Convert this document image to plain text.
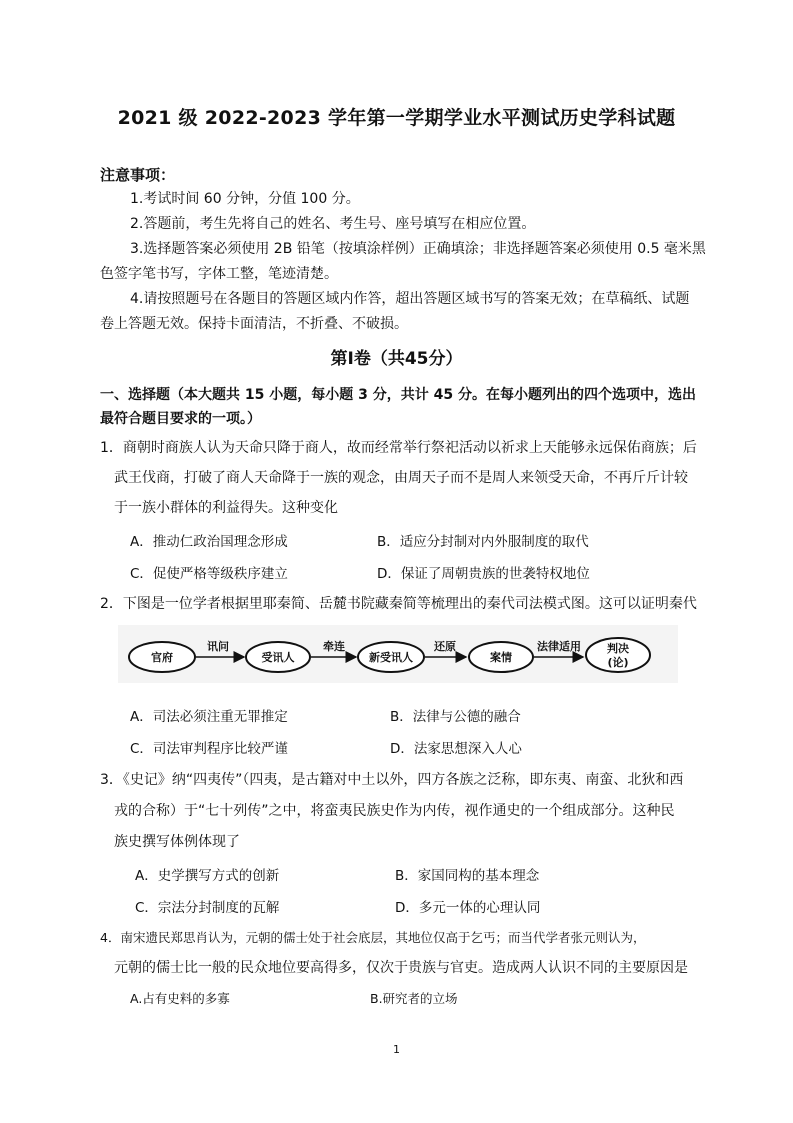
2021 级 2022-2023 学年第一学期学业水平测试历史学科试题
注意事项：
1.考试时间 60 分钟，分值 100 分。
2.答题前，考生先将自己的姓名、考生号、座号填写在相应位置。
3.选择题答案必须使用 2B 铅笔（按填涂样例）正确填涂；非选择题答案必须使用 0.5 毫米黑
色签字笔书写，字体工整，笔迹清楚。
4.请按照题号在各题目的答题区域内作答，超出答题区域书写的答案无效；在草稿纸、试题
卷上答题无效。保持卡面清洁，不折叠、不破损。
第Ⅰ卷（共45分）
一、选择题（本大题共 15 小题，每小题 3 分，共计 45 分。在每小题列出的四个选项中，选出
最符合题目要求的一项。）
1．商朝时商族人认为天命只降于商人，故而经常举行祭祀活动以祈求上天能够永远保佑商族；后
武王伐商，打破了商人天命降于一族的观念，由周天子而不是周人来领受天命，不再斤斤计较
于一族小群体的利益得失。这种变化
A．推动仁政治国理念形成	B．适应分封制对内外服制度的取代
C．促使严格等级秩序建立	D．保证了周朝贵族的世袭特权地位
2．下图是一位学者根据里耶秦简、岳麓书院藏秦简等梳理出的秦代司法模式图。这可以证明秦代
官府
讯问
受讯人
牵连
新受讯人
还原
案情
法律适用 判决
(论)
A．司法必须注重无罪推定	B．法律与公德的融合
C．司法审判程序比较严谨	D．法家思想深入人心
3．《史记》纳“四夷传”（四夷，是古籍对中土以外，四方各族之泛称，即东夷、南蛮、北狄和西
戎的合称）于“七十列传”之中，将蛮夷民族史作为内传，视作通史的一个组成部分。这种民
族史撰写体例体现了
A．史学撰写方式的创新	B．家国同构的基本理念
C．宗法分封制度的瓦解	D．多元一体的心理认同
4．南宋遗民郑思肖认为，元朝的儒士处于社会底层，其地位仅高于乞丐；而当代学者张元则认为，
元朝的儒士比一般的民众地位要高得多，仅次于贵族与官吏。造成两人认识不同的主要原因是
A.占有史料的多寡	B.研究者的立场
1
